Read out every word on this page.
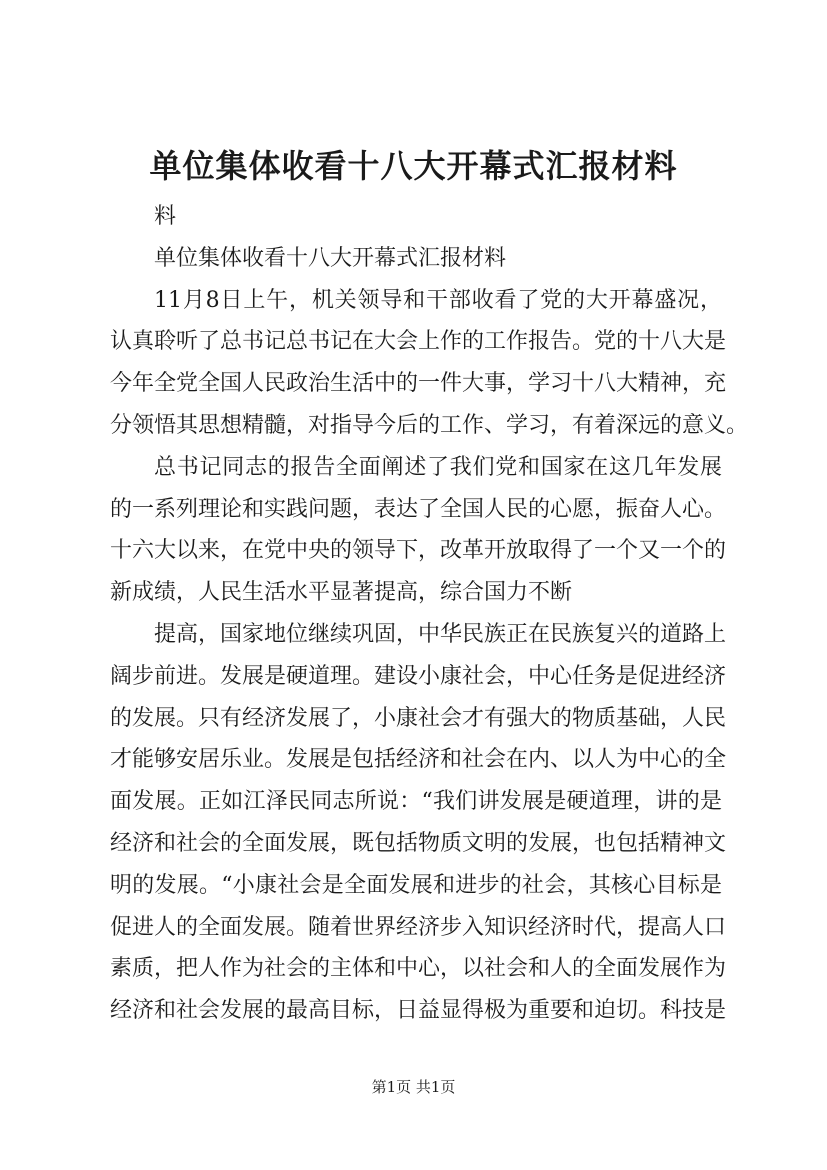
单位集体收看十八大开幕式汇报材料
料
单位集体收看十八大开幕式汇报材料
11月8日上午，机关领导和干部收看了党的大开幕盛况，
认真聆听了总书记总书记在大会上作的工作报告。党的十八大是
今年全党全国人民政治生活中的一件大事，学习十八大精神，充
分领悟其思想精髓，对指导今后的工作、学习，有着深远的意义。
总书记同志的报告全面阐述了我们党和国家在这几年发展
的一系列理论和实践问题，表达了全国人民的心愿，振奋人心。
十六大以来，在党中央的领导下，改革开放取得了一个又一个的
新成绩，人民生活水平显著提高，综合国力不断
提高，国家地位继续巩固，中华民族正在民族复兴的道路上
阔步前进。发展是硬道理。建设小康社会，中心任务是促进经济
的发展。只有经济发展了，小康社会才有强大的物质基础，人民
才能够安居乐业。发展是包括经济和社会在内、以人为中心的全
面发展。正如江泽民同志所说：“我们讲发展是硬道理，讲的是
经济和社会的全面发展，既包括物质文明的发展，也包括精神文
明的发展。“小康社会是全面发展和进步的社会，其核心目标是
促进人的全面发展。随着世界经济步入知识经济时代，提高人口
素质，把人作为社会的主体和中心，以社会和人的全面发展作为
经济和社会发展的最高目标，日益显得极为重要和迫切。科技是
第1页 共1页
